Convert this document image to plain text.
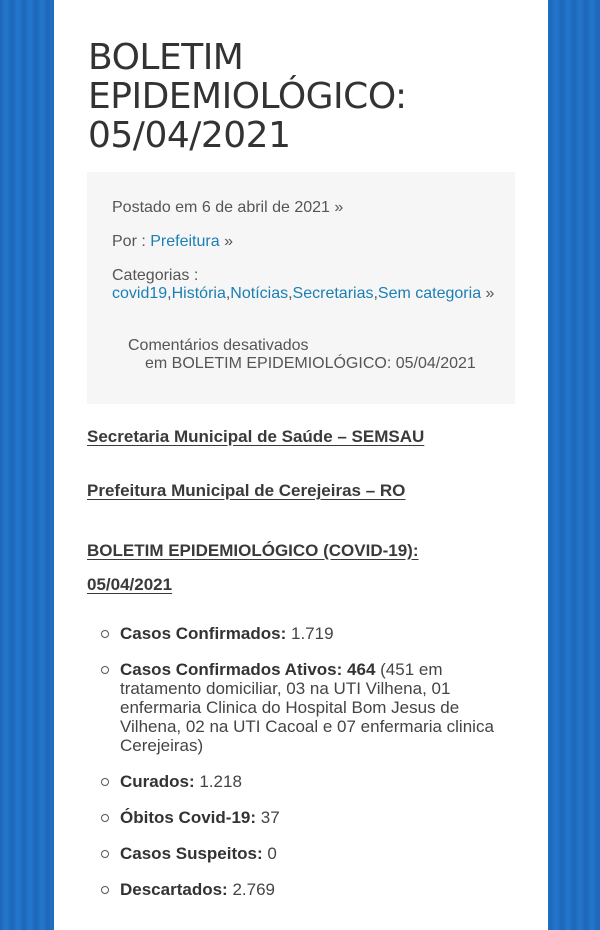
BOLETIM EPIDEMIOLÓGICO: 05/04/2021
Postado em 6 de abril de 2021 »
Por : Prefeitura »
Categorias :
covid19,História,Notícias,Secretarias,Sem categoria »
Comentários desativados
em BOLETIM EPIDEMIOLÓGICO: 05/04/2021

Secretaria Municipal de Saúde – SEMSAU

Prefeitura Municipal de Cerejeiras – RO

BOLETIM EPIDEMIOLÓGICO (COVID-19): 05/04/2021

Casos Confirmados: 1.719
Casos Confirmados Ativos: 464 (451 em tratamento domiciliar, 03 na UTI Vilhena, 01 enfermaria Clinica do Hospital Bom Jesus de Vilhena, 02 na UTI Cacoal e 07 enfermaria clinica Cerejeiras)
Curados: 1.218
Óbitos Covid-19: 37
Casos Suspeitos: 0
Descartados: 2.769
